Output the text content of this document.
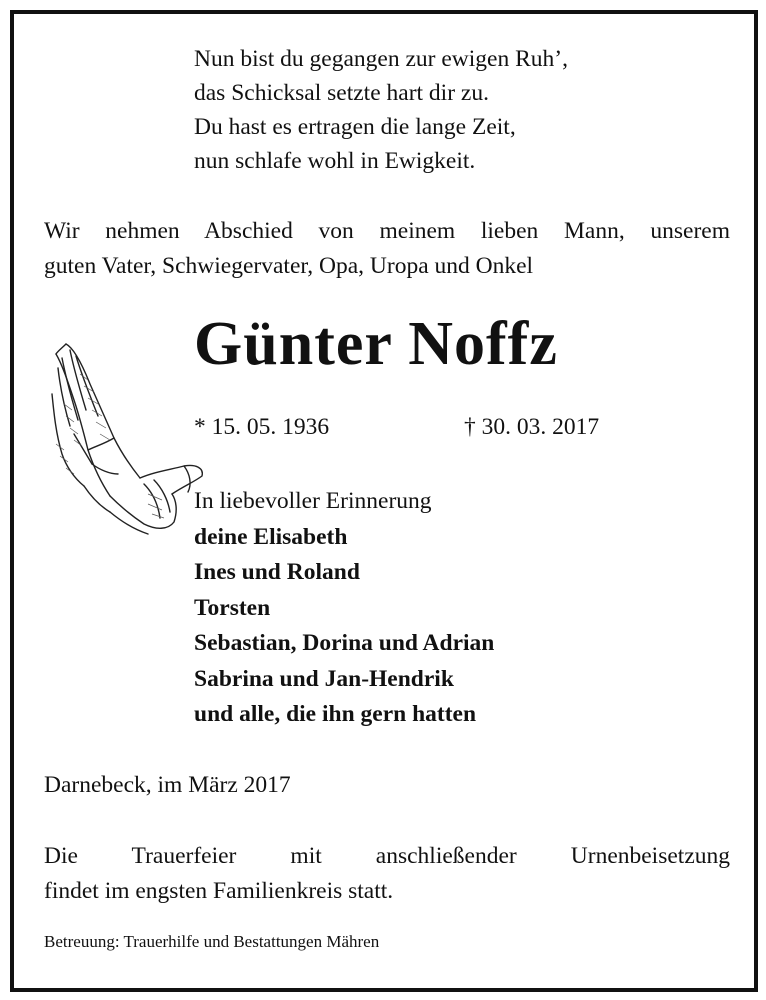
Nun bist du gegangen zur ewigen Ruh’,
das Schicksal setzte hart dir zu.
Du hast es ertragen die lange Zeit,
nun schlafe wohl in Ewigkeit.
Wir nehmen Abschied von meinem lieben Mann, unserem
guten Vater, Schwiegervater, Opa, Uropa und Onkel
Günter Noffz
* 15. 05. 1936	† 30. 03. 2017
In liebevoller Erinnerung
deine Elisabeth
Ines und Roland
Torsten
Sebastian, Dorina und Adrian
Sabrina und Jan-Hendrik
und alle, die ihn gern hatten
Darnebeck, im März 2017
Die Trauerfeier mit anschließender Urnenbeisetzung
findet im engsten Familienkreis statt.
Betreuung: Trauerhilfe und Bestattungen Mähren
